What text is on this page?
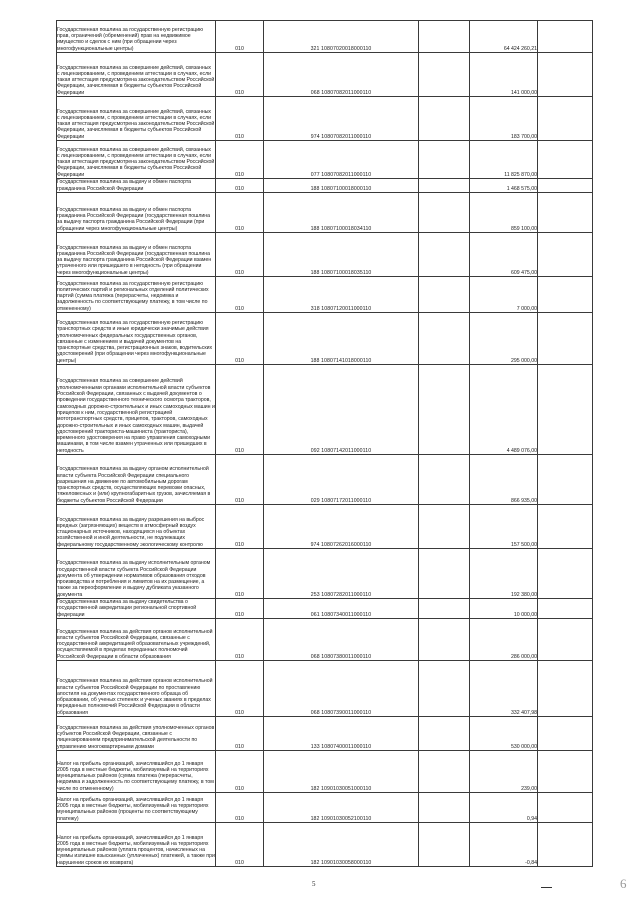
Государственная пошлина за государственную регистрацию прав, ограничений (обременений) прав на недвижимое имущество и сделок с ним (при обращении через многофункциональные центры)	010	321 10807020018000110		64 424 260,21	

Государственная пошлина за совершение действий, связанных с лицензированием, с проведением аттестации в случаях, если такая аттестация предусмотрена законодательством Российской Федерации, зачисляемая в бюджеты субъектов Российской Федерации	010	068 10807082011000110		141 000,00	

Государственная пошлина за совершение действий, связанных с лицензированием, с проведением аттестации в случаях, если такая аттестация предусмотрена законодательством Российской Федерации, зачисляемая в бюджеты субъектов Российской Федерации	010	974 10807082011000110		183 700,00	

Государственная пошлина за совершение действий, связанных с лицензированием, с проведением аттестации в случаях, если такая аттестация предусмотрена законодательством Российской Федерации, зачисляемая в бюджеты субъектов Российской Федерации	010	077 10807082011000110		11 825 870,00	

Государственная пошлина за выдачу и обмен паспорта гражданина Российской Федерации	010	188 10807100018000110		1 468 575,00	

Государственная пошлина за выдачу и обмен паспорта гражданина Российской Федерации (государственная пошлина за выдачу паспорта гражданина Российской Федерации (при обращении через многофункциональные центры)	010	188 10807100018034110		859 100,00	

Государственная пошлина за выдачу и обмен паспорта гражданина Российской Федерации (государственная пошлина за выдачу паспорта гражданина Российской Федерации взамен утраченного или пришедшего в негодность (при обращении через многофункциональные центры)	010	188 10807100018035110		609 475,00	

Государственная пошлина за государственную регистрацию политических партий и региональных отделений политических партий (сумма платежа (перерасчеты, недоимка и задолженность по соответствующему платежу, в том числе по отмененному)	010	318 10807120011000110		7 000,00	

Государственная пошлина за государственную регистрацию транспортных средств и иные юридически значимые действия уполномоченных федеральных государственных органов, связанные с изменением и выдачей документов на транспортные средства, регистрационных знаков, водительских удостоверений (при обращении через многофункциональные центры)	010	188 10807141018000110		295 000,00	

Государственная пошлина за совершение действий уполномоченными органами исполнительной власти субъектов Российской Федерации, связанных с выдачей документов о проведении государственного технического осмотра тракторов, самоходных дорожно-строительных и иных самоходных машин и прицепов к ним, государственной регистрацией мототранспортных средств, прицепов, тракторов, самоходных дорожно-строительных и иных самоходных машин, выдачей удостоверений тракториста-машиниста (тракториста), временного удостоверения на право управления самоходными машинами, в том числе взамен утраченных или пришедших в негодность	010	092 10807142011000110		4 489 076,00	

Государственная пошлина за выдачу органом исполнительной власти субъекта Российской Федерации специального разрешения на движение по автомобильным дорогам транспортных средств, осуществляющих перевозки опасных, тяжеловесных и (или) крупногабаритных грузов, зачисляемая в бюджеты субъектов Российской Федерации	010	029 10807172011000110		866 935,00	

Государственная пошлина за выдачу разрешения на выброс вредных (загрязняющих) веществ в атмосферный воздух стационарных источников, находящихся на объектах хозяйственной и иной деятельности, не подлежащих федеральному государственному экологическому контролю	010	974 10807262016000110		157 500,00	

Государственная пошлина за выдачу исполнительным органом государственной власти субъекта Российской Федерации документа об утверждении нормативов образования отходов производства и потребления и лимитов на их размещение, а также за переоформление и выдачу дубликата указанного документа	010	253 10807282011000110		192 380,00	

Государственная пошлина за выдачу свидетельства о государственной аккредитации региональной спортивной федерации	010	061 10807340011000110		10 000,00	

Государственная пошлина за действия органов исполнительной власти субъектов Российской Федерации, связанные с государственной аккредитацией образовательных учреждений, осуществляемой в пределах переданных полномочий Российской Федерации в области образования	010	068 10807380011000110		286 000,00	

Государственная пошлина за действия органов исполнительной власти субъектов Российской Федерации по проставлению апостиля на документах государственного образца об образовании, об ученых степенях и ученых званиях в пределах переданных полномочий Российской Федерации в области образования	010	068 10807390011000110		332 407,98	

Государственная пошлина за действия уполномоченных органов субъектов Российской Федерации, связанные с лицензированием предпринимательской деятельности по управлению многоквартирными домами	010	133 10807400011000110		530 000,00	

Налог на прибыль организаций, зачислявшийся до 1 января 2005 года в местные бюджеты, мобилизуемый на территориях муниципальных районов (сумма платежа (перерасчеты, недоимка и задолженность по соответствующему платежу, в том числе по отмененному)	010	182 10901030051000110		239,00	

Налог на прибыль организаций, зачислявшийся до 1 января 2005 года в местные бюджеты, мобилизуемый на территориях муниципальных районов (проценты по соответствующему платежу)	010	182 10901030052100110		0,94	

Налог на прибыль организаций, зачислявшийся до 1 января 2005 года в местные бюджеты, мобилизуемый на территориях муниципальных районов (уплата процентов, начисленных на суммы излишне взысканных (уплаченных) платежей, а также при нарушении сроков их возврата)	010	182 10901030058000110		-0,84	
5	6
